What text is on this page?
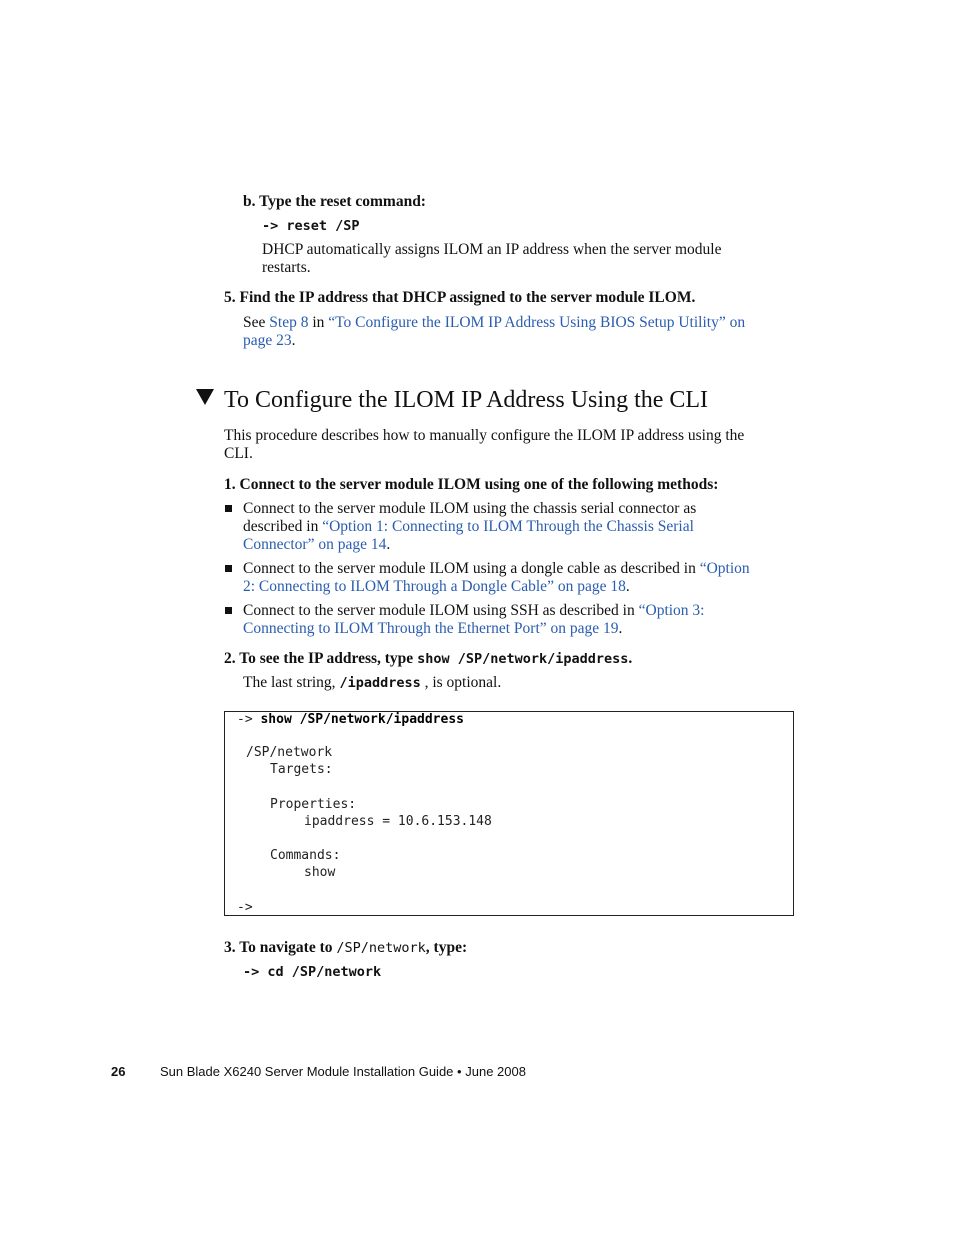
b. Type the reset command:
-> reset /SP
DHCP automatically assigns ILOM an IP address when the server module
restarts.
5. Find the IP address that DHCP assigned to the server module ILOM.
See Step 8 in “To Configure the ILOM IP Address Using BIOS Setup Utility” on
page 23.
To Configure the ILOM IP Address Using the CLI
This procedure describes how to manually configure the ILOM IP address using the
CLI.
1. Connect to the server module ILOM using one of the following methods:
Connect to the server module ILOM using the chassis serial connector as
described in “Option 1: Connecting to ILOM Through the Chassis Serial
Connector” on page 14.
Connect to the server module ILOM using a dongle cable as described in “Option
2: Connecting to ILOM Through a Dongle Cable” on page 18.
Connect to the server module ILOM using SSH as described in “Option 3:
Connecting to ILOM Through the Ethernet Port” on page 19.
2. To see the IP address, type show /SP/network/ipaddress.
The last string, /ipaddress , is optional.
-> show /SP/network/ipaddress
/SP/network
Targets:
Properties:
ipaddress = 10.6.153.148
Commands:
show
->
3. To navigate to /SP/network, type:
-> cd /SP/network
26	Sun Blade X6240 Server Module Installation Guide • June 2008
